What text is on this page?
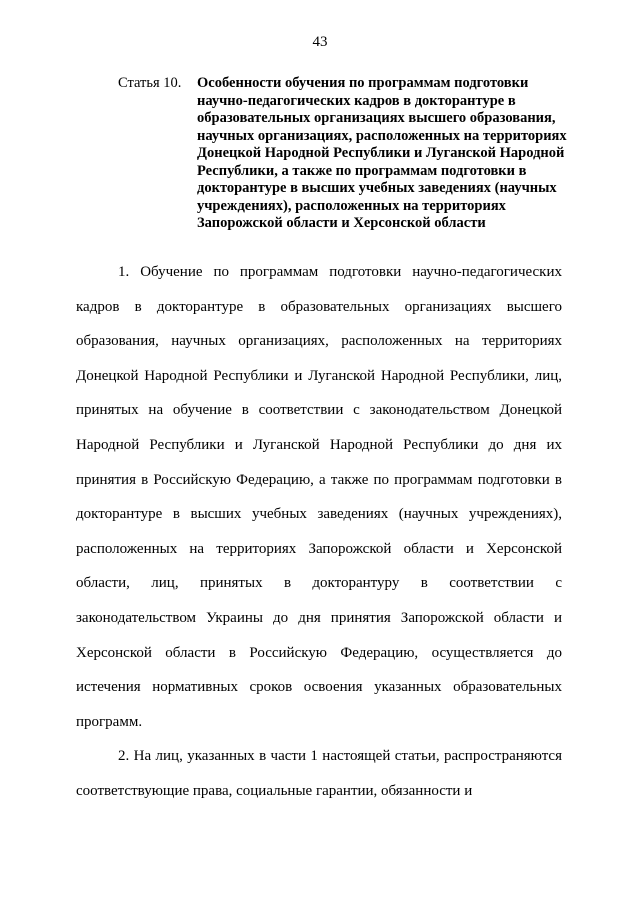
43
Статья 10. Особенности обучения по программам подготовки научно-педагогических кадров в докторантуре в образовательных организациях высшего образования, научных организациях, расположенных на территориях Донецкой Народной Республики и Луганской Народной Республики, а также по программам подготовки в докторантуре в высших учебных заведениях (научных учреждениях), расположенных на территориях Запорожской области и Херсонской области

1. Обучение по программам подготовки научно-педагогических кадров в докторантуре в образовательных организациях высшего образования, научных организациях, расположенных на территориях Донецкой Народной Республики и Луганской Народной Республики, лиц, принятых на обучение в соответствии с законодательством Донецкой Народной Республики и Луганской Народной Республики до дня их принятия в Российскую Федерацию, а также по программам подготовки в докторантуре в высших учебных заведениях (научных учреждениях), расположенных на территориях Запорожской области и Херсонской области, лиц, принятых в докторантуру в соответствии с законодательством Украины до дня принятия Запорожской области и Херсонской области в Российскую Федерацию, осуществляется до истечения нормативных сроков освоения указанных образовательных программ.

2. На лиц, указанных в части 1 настоящей статьи, распространяются соответствующие права, социальные гарантии, обязанности и
